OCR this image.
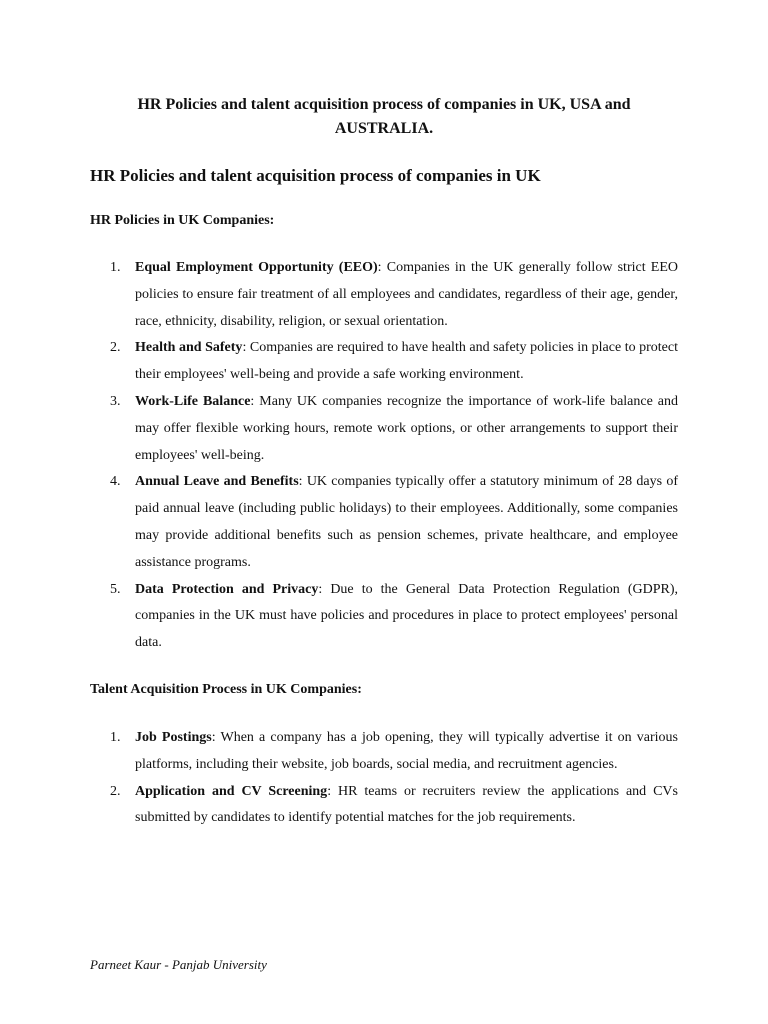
HR Policies and talent acquisition process of companies in UK, USA and AUSTRALIA.
HR Policies and talent acquisition process of companies in UK
HR Policies in UK Companies:
1. Equal Employment Opportunity (EEO): Companies in the UK generally follow strict EEO policies to ensure fair treatment of all employees and candidates, regardless of their age, gender, race, ethnicity, disability, religion, or sexual orientation.
2. Health and Safety: Companies are required to have health and safety policies in place to protect their employees' well-being and provide a safe working environment.
3. Work-Life Balance: Many UK companies recognize the importance of work-life balance and may offer flexible working hours, remote work options, or other arrangements to support their employees' well-being.
4. Annual Leave and Benefits: UK companies typically offer a statutory minimum of 28 days of paid annual leave (including public holidays) to their employees. Additionally, some companies may provide additional benefits such as pension schemes, private healthcare, and employee assistance programs.
5. Data Protection and Privacy: Due to the General Data Protection Regulation (GDPR), companies in the UK must have policies and procedures in place to protect employees' personal data.
Talent Acquisition Process in UK Companies:
1. Job Postings: When a company has a job opening, they will typically advertise it on various platforms, including their website, job boards, social media, and recruitment agencies.
2. Application and CV Screening: HR teams or recruiters review the applications and CVs submitted by candidates to identify potential matches for the job requirements.

Parneet Kaur - Panjab University
